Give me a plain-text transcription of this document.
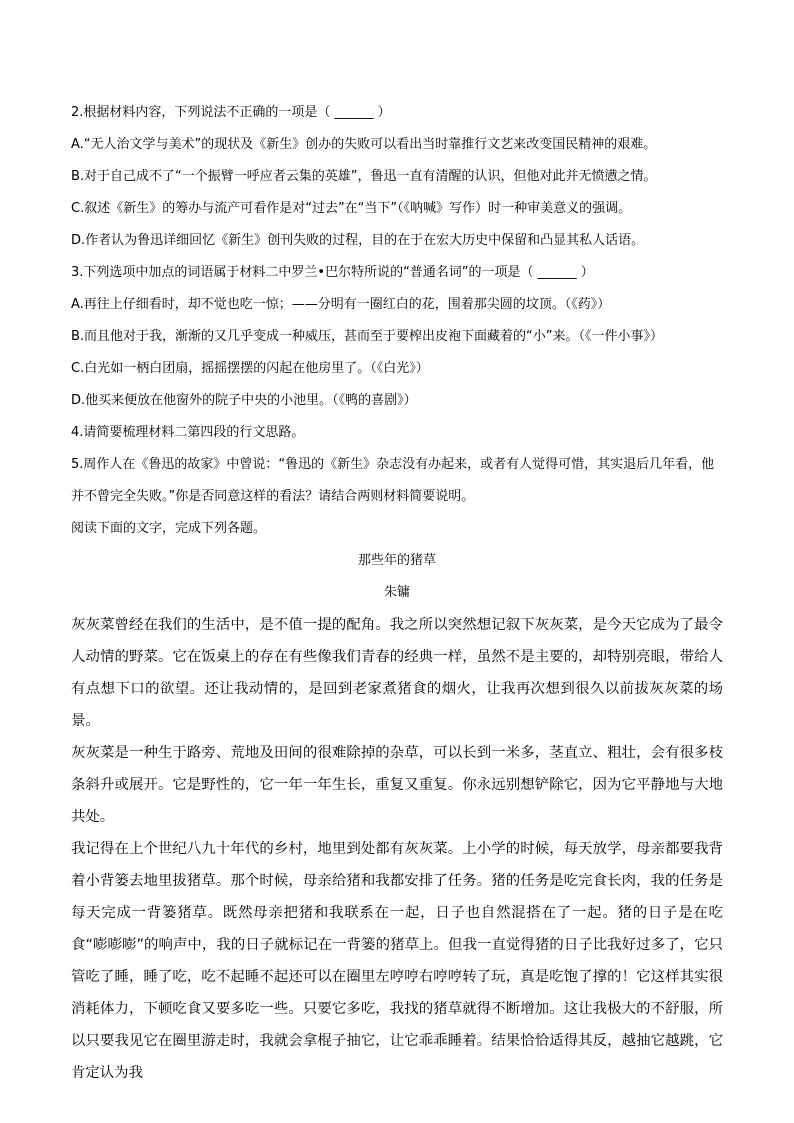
2.根据材料内容，下列说法不正确的一项是（ ______ ）
A.“无人治文学与美术”的现状及《新生》创办的失败可以看出当时靠推行文艺来改变国民精神的艰难。
B.对于自己成不了“一个振臂一呼应者云集的英雄”，鲁迅一直有清醒的认识，但他对此并无愤懑之情。
C.叙述《新生》的筹办与流产可看作是对“过去”在“当下”（《呐喊》写作）时一种审美意义的强调。
D.作者认为鲁迅详细回忆《新生》创刊失败的过程，目的在于在宏大历史中保留和凸显其私人话语。
3.下列选项中加点的词语属于材料二中罗兰•巴尔特所说的“普通名词”的一项是（ ______ ）
A.再往上仔细看时，却不觉也吃一惊；——分明有一圈红白的花，围着那尖圆的坟顶。（《药》）
B.而且他对于我，渐渐的又几乎变成一种威压，甚而至于要榨出皮袍下面藏着的“小”来。（《一件小事》）
C.白光如一柄白团扇，摇摇摆摆的闪起在他房里了。（《白光》）
D.他买来便放在他窗外的院子中央的小池里。（《鸭的喜剧》）
4.请简要梳理材料二第四段的行文思路。
5.周作人在《鲁迅的故家》中曾说：“鲁迅的《新生》杂志没有办起来，或者有人觉得可惜，其实退后几年看，他并不曾完全失败。”你是否同意这样的看法？请结合两则材料简要说明。
阅读下面的文字，完成下列各题。
那些年的猪草
朱镛

灰灰菜曾经在我们的生活中，是不值一提的配角。我之所以突然想记叙下灰灰菜，是今天它成为了最令人动情的野菜。它在饭桌上的存在有些像我们青春的经典一样，虽然不是主要的，却特别亮眼，带给人有点想下口的欲望。还让我动情的，是回到老家煮猪食的烟火，让我再次想到很久以前拔灰灰菜的场景。

灰灰菜是一种生于路旁、荒地及田间的很难除掉的杂草，可以长到一米多，茎直立、粗壮，会有很多枝条斜升或展开。它是野性的，它一年一年生长，重复又重复。你永远别想铲除它，因为它平静地与大地共处。

我记得在上个世纪八九十年代的乡村，地里到处都有灰灰菜。上小学的时候，每天放学，母亲都要我背着小背篓去地里拔猪草。那个时候，母亲给猪和我都安排了任务。猪的任务是吃完食长肉，我的任务是每天完成一背篓猪草。既然母亲把猪和我联系在一起，日子也自然混搭在了一起。猪的日子是在吃食“嘭嘭嘭”的响声中，我的日子就标记在一背篓的猪草上。但我一直觉得猪的日子比我好过多了，它只管吃了睡，睡了吃，吃不起睡不起还可以在圈里左哼哼右哼哼转了玩，真是吃饱了撑的！它这样其实很消耗体力，下顿吃食又要多吃一些。只要它多吃，我找的猪草就得不断增加。这让我极大的不舒服，所以只要我见它在圈里游走时，我就会拿棍子抽它，让它乖乖睡着。结果恰恰适得其反，越抽它越跳，它肯定认为我
